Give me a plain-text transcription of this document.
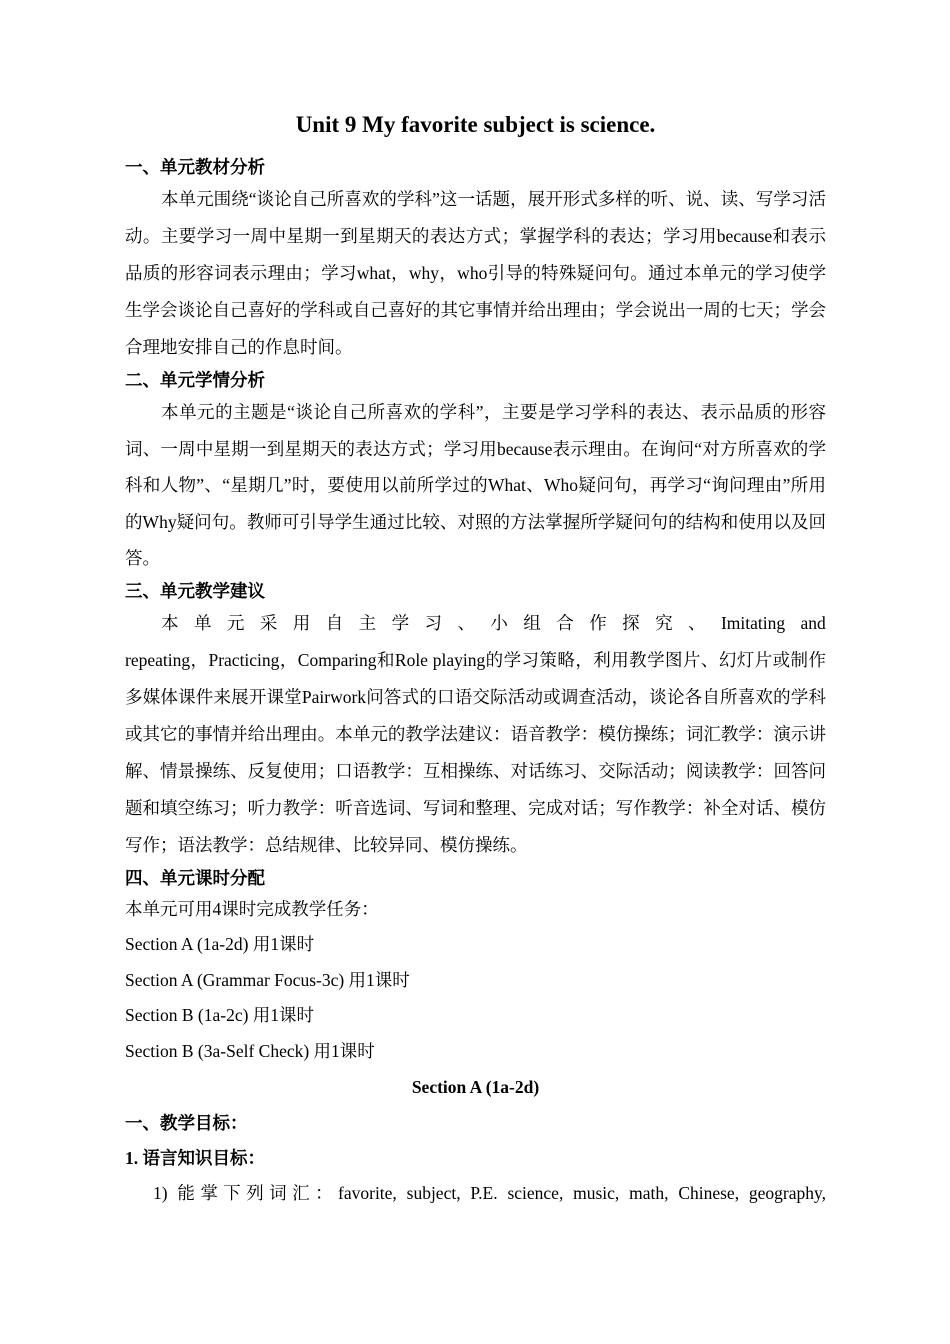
Unit 9 My favorite subject is science.
一、单元教材分析
本单元围绕“谈论自己所喜欢的学科”这一话题，展开形式多样的听、说、读、写学习活动。主要学习一周中星期一到星期天的表达方式；掌握学科的表达；学习用because和表示品质的形容词表示理由；学习what，why，who引导的特殊疑问句。通过本单元的学习使学生学会谈论自己喜好的学科或自己喜好的其它事情并给出理由；学会说出一周的七天；学会合理地安排自己的作息时间。
二、单元学情分析
本单元的主题是“谈论自己所喜欢的学科”，主要是学习学科的表达、表示品质的形容词、一周中星期一到星期天的表达方式；学习用because表示理由。在询问“对方所喜欢的学科和人物”、“星期几”时，要使用以前所学过的What、Who疑问句，再学习“询问理由”所用的Why疑问句。教师可引导学生通过比较、对照的方法掌握所学疑问句的结构和使用以及回答。
三、单元教学建议
本 单 元 采 用 自 主 学 习 、 小 组 合 作 探 究 、 Imitating and
repeating，Practicing，Comparing和Role playing的学习策略，利用教学图片、幻灯片或制作多媒体课件来展开课堂Pairwork问答式的口语交际活动或调查活动，谈论各自所喜欢的学科或其它的事情并给出理由。本单元的教学法建议：语音教学：模仿操练；词汇教学：演示讲解、情景操练、反复使用；口语教学：互相操练、对话练习、交际活动；阅读教学：回答问题和填空练习；听力教学：听音选词、写词和整理、完成对话；写作教学：补全对话、模仿写作；语法教学：总结规律、比较异同、模仿操练。
四、单元课时分配
本单元可用4课时完成教学任务：
Section A (1a-2d) 用1课时
Section A (Grammar Focus-3c) 用1课时
Section B (1a-2c) 用1课时
Section B (3a-Self Check) 用1课时
Section A (1a-2d)
一、教学目标：
1. 语言知识目标：
1) 能掌下列词汇：favorite, subject, P.E. science, music, math, Chinese, geography,
